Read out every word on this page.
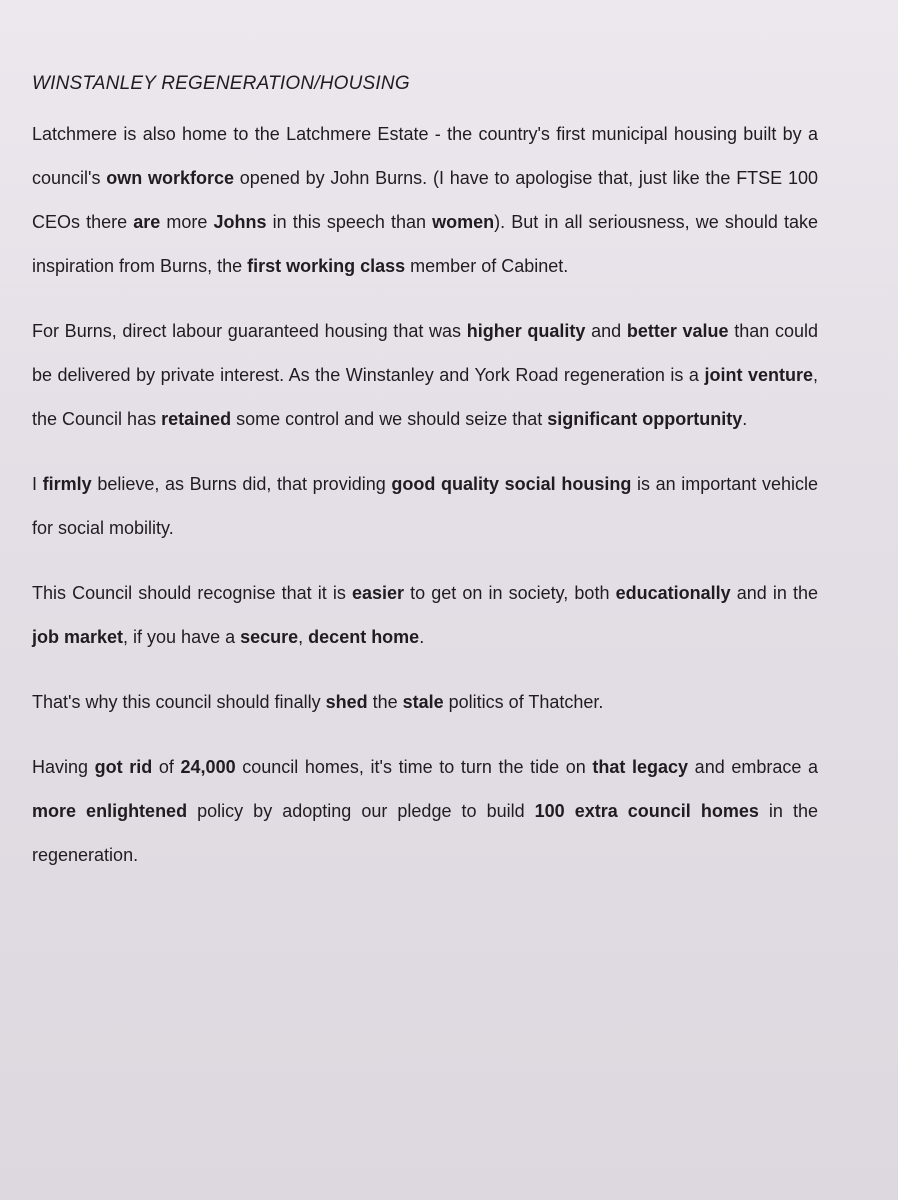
WINSTANLEY REGENERATION/HOUSING

Latchmere is also home to the Latchmere Estate - the country's first municipal housing built by a council's own workforce opened by John Burns. (I have to apologise that, just like the FTSE 100 CEOs there are more Johns in this speech than women). But in all seriousness, we should take inspiration from Burns, the first working class member of Cabinet.

For Burns, direct labour guaranteed housing that was higher quality and better value than could be delivered by private interest. As the Winstanley and York Road regeneration is a joint venture, the Council has retained some control and we should seize that significant opportunity.

I firmly believe, as Burns did, that providing good quality social housing is an important vehicle for social mobility.

This Council should recognise that it is easier to get on in society, both educationally and in the job market, if you have a secure, decent home.

That's why this council should finally shed the stale politics of Thatcher.

Having got rid of 24,000 council homes, it's time to turn the tide on that legacy and embrace a more enlightened policy by adopting our pledge to build 100 extra council homes in the regeneration.
